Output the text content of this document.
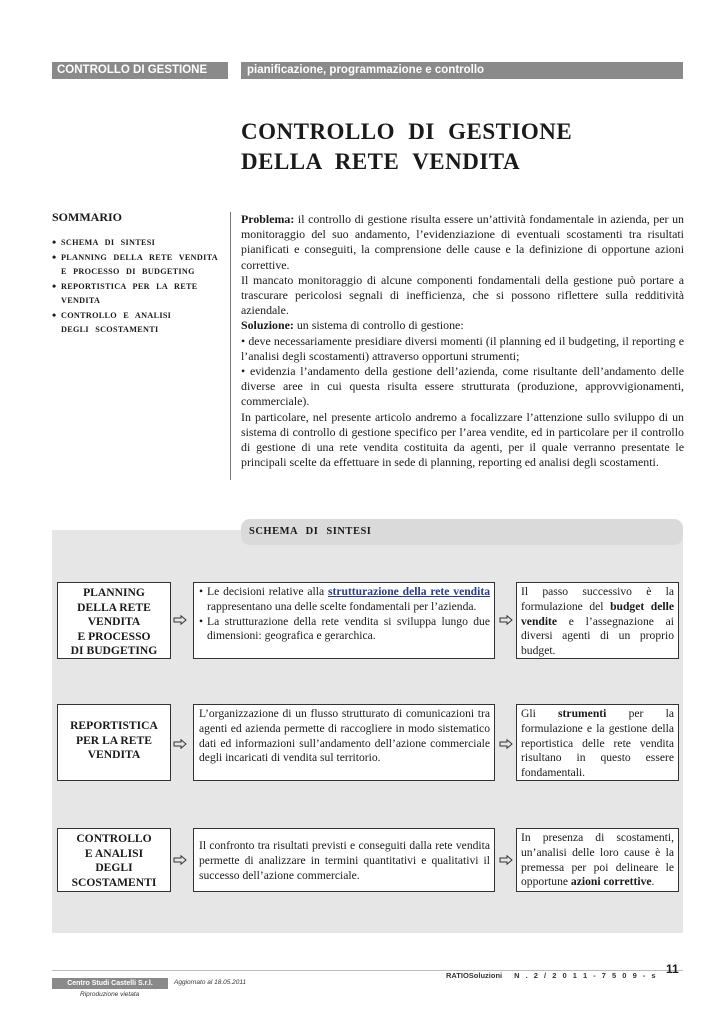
CONTROLLO DI GESTIONE	pianificazione, programmazione e controllo
CONTROLLO DI GESTIONE
DELLA RETE VENDITA
SOMMARIO
• SCHEMA DI SINTESI
• PLANNING DELLA RETE VENDITA
E PROCESSO DI BUDGETING
• REPORTISTICA PER LA RETE
VENDITA
• CONTROLLO E ANALISI
DEGLI SCOSTAMENTI

Problema: il controllo di gestione risulta essere un’attività fondamentale in azienda, per un monitoraggio del suo andamento, l’evidenziazione di eventuali scostamenti tra risultati pianificati e conseguiti, la comprensione delle cause e la definizione di opportune azioni correttive.

Il mancato monitoraggio di alcune componenti fondamentali della gestione può portare a trascurare pericolosi segnali di inefficienza, che si possono riflettere sulla redditività aziendale.

Soluzione: un sistema di controllo di gestione:

• deve necessariamente presidiare diversi momenti (il planning ed il budgeting, il reporting e l’analisi degli scostamenti) attraverso opportuni strumenti;

• evidenzia l’andamento della gestione dell’azienda, come risultante dell’andamento delle diverse aree in cui questa risulta essere strutturata (produzione, approvvigionamenti, commerciale).

In particolare, nel presente articolo andremo a focalizzare l’attenzione sullo sviluppo di un sistema di controllo di gestione specifico per l’area vendite, ed in particolare per il controllo di gestione di una rete vendita costituita da agenti, per il quale verranno presentate le principali scelte da effettuare in sede di planning, reporting ed analisi degli scostamenti.

SCHEMA DI SINTESI
PLANNING
DELLA RETE
VENDITA
E PROCESSO
DI BUDGETING
• Le decisioni relative alla strutturazione della rete vendita rappresentano una delle scelte fondamentali per l’azienda.
• La strutturazione della rete vendita si sviluppa lungo due dimensioni: geografica e gerarchica.
Il passo successivo è la formulazione del budget delle vendite e l’assegnazione ai diversi agenti di un proprio budget.
REPORTISTICA
PER LA RETE
VENDITA
L’organizzazione di un flusso strutturato di comunicazioni tra agenti ed azienda permette di raccogliere in modo sistematico dati ed informazioni sull’andamento dell’azione commerciale degli incaricati di vendita sul territorio.
Gli strumenti per la formulazione e la gestione della reportistica delle rete vendita risultano in questo essere fondamentali.
CONTROLLO
E ANALISI
DEGLI
SCOSTAMENTI
Il confronto tra risultati previsti e conseguiti dalla rete vendita permette di analizzare in termini quantitativi e qualitativi il successo dell’azione commerciale.
In presenza di scostamenti, un’analisi delle loro cause è la premessa per poi delineare le opportune azioni correttive.
Centro Studi Castelli S.r.l.	Aggiornato al 18.05.2011
Riproduzione vietata
RATIOSoluzioni N . 2 / 2 0 1 1 - 7 5 0 9 - s 11
